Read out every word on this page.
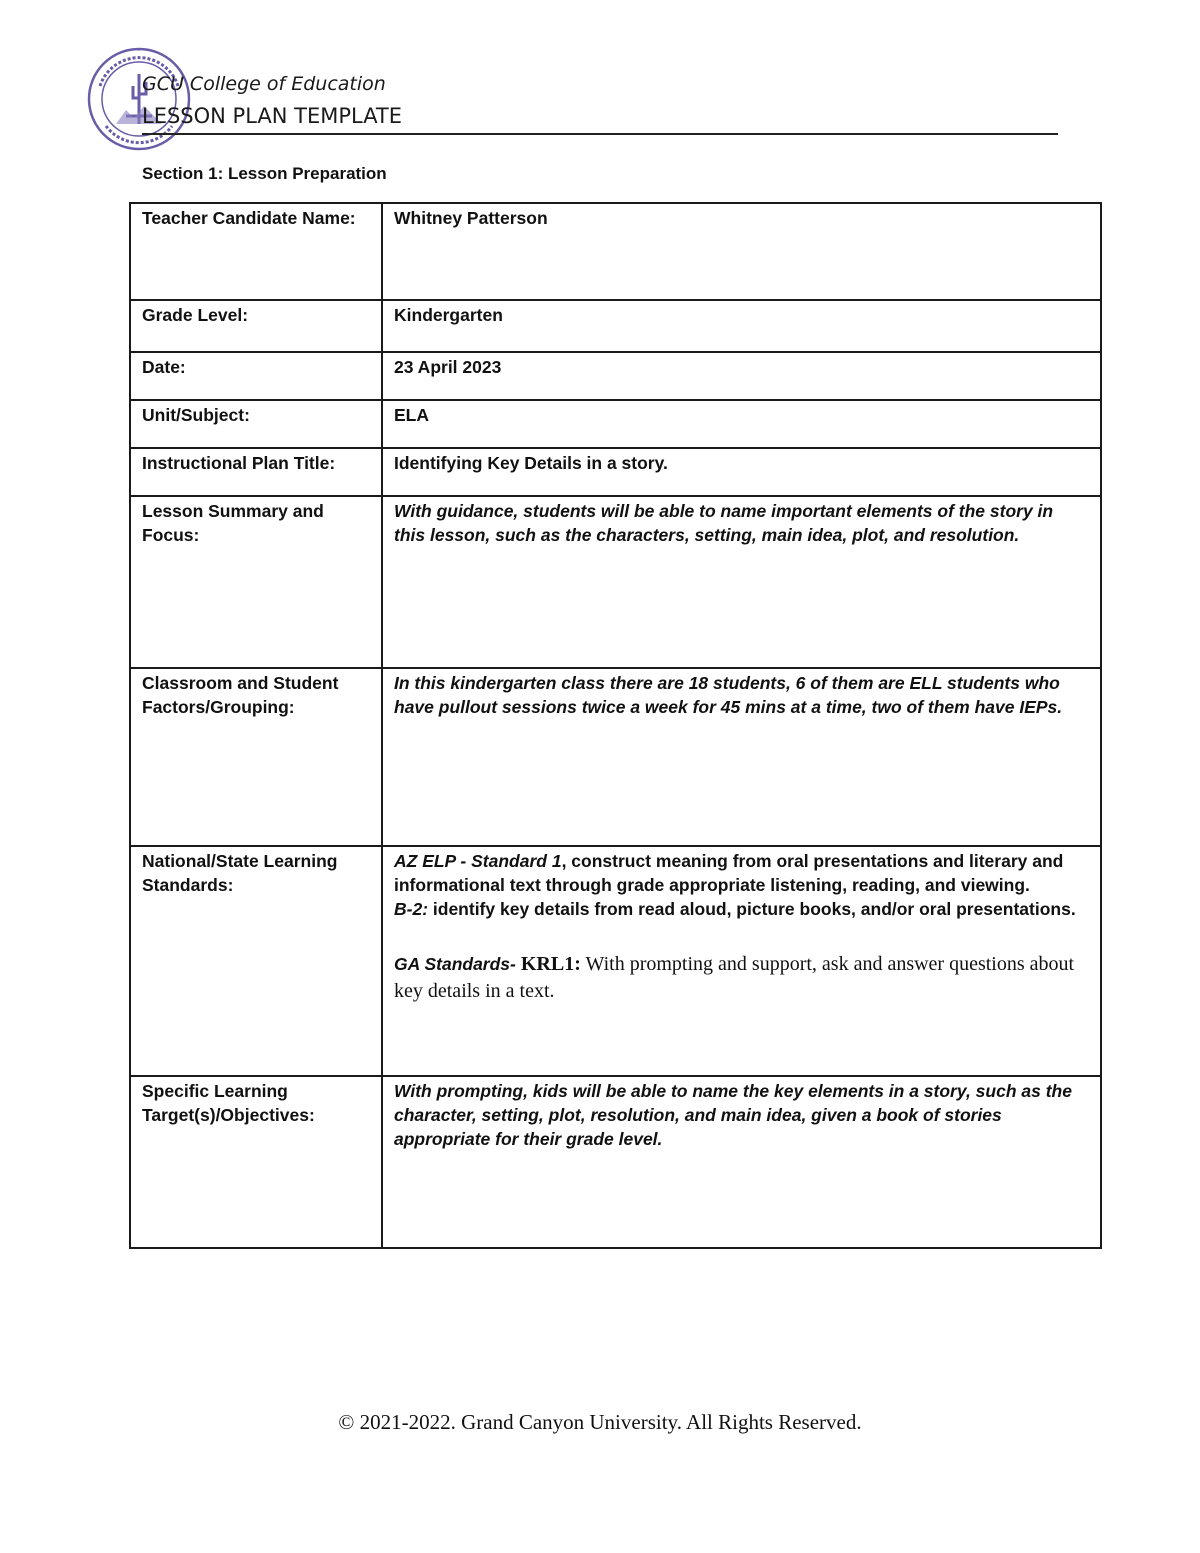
GCU College of Education
LESSON PLAN TEMPLATE
Section 1: Lesson Preparation
Teacher Candidate Name:	Whitney Patterson
Grade Level:	Kindergarten
Date:	23 April 2023
Unit/Subject:	ELA
Instructional Plan Title:	Identifying Key Details in a story.
Lesson Summary and Focus:	With guidance, students will be able to name important elements of the story in this lesson, such as the characters, setting, main idea, plot, and resolution.
Classroom and Student Factors/Grouping:	In this kindergarten class there are 18 students, 6 of them are ELL students who have pullout sessions twice a week for 45 mins at a time, two of them have IEPs.
National/State Learning Standards:	AZ ELP - Standard 1, construct meaning from oral presentations and literary and informational text through grade appropriate listening, reading, and viewing.
B-2: identify key details from read aloud, picture books, and/or oral presentations.
GA Standards- KRL1: With prompting and support, ask and answer questions about key details in a text.

Specific Learning Target(s)/Objectives:	With prompting, kids will be able to name the key elements in a story, such as the character, setting, plot, resolution, and main idea, given a book of stories appropriate for their grade level.
© 2021-2022. Grand Canyon University. All Rights Reserved.
